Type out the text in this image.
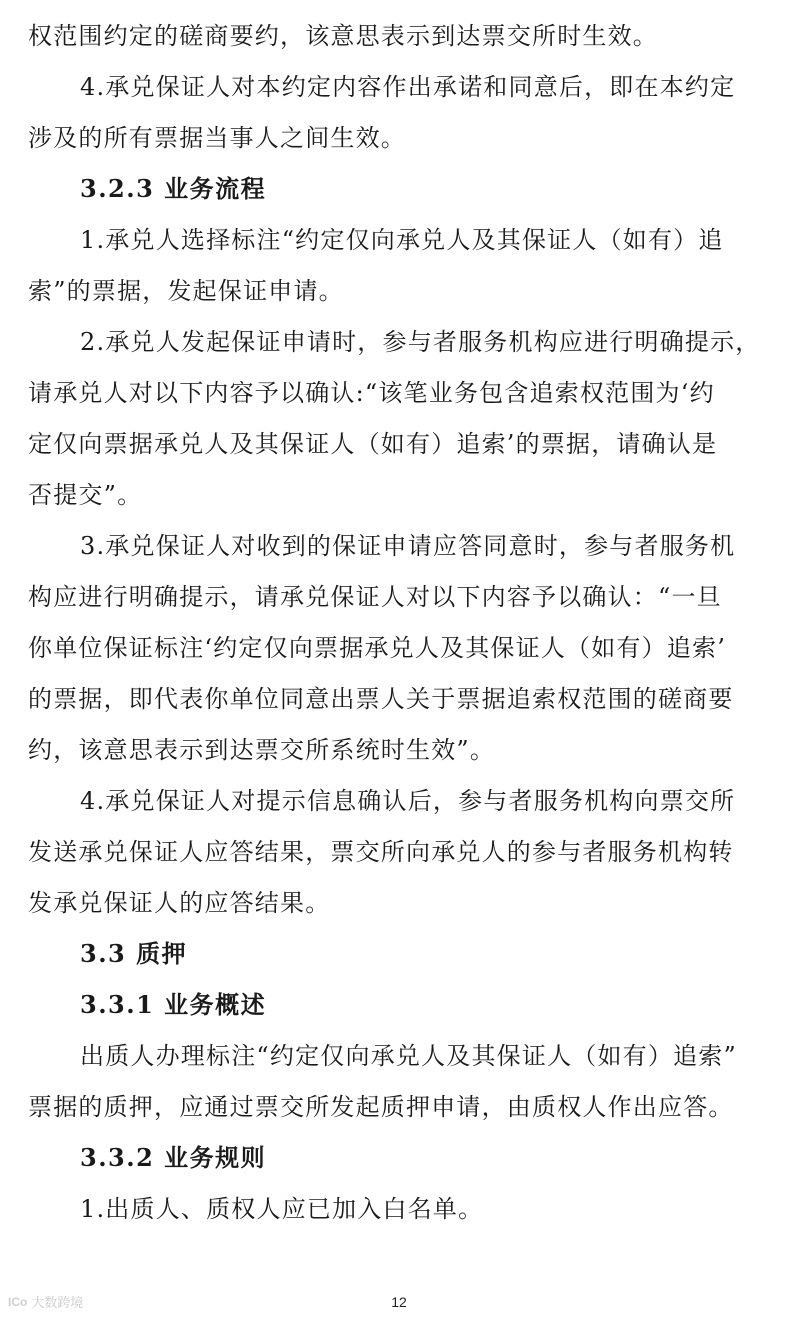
权范围约定的磋商要约，该意思表示到达票交所时生效。
4.承兑保证人对本约定内容作出承诺和同意后，即在本约定
涉及的所有票据当事人之间生效。
3.2.3 业务流程
1.承兑人选择标注“约定仅向承兑人及其保证人（如有）追
索”的票据，发起保证申请。
2.承兑人发起保证申请时，参与者服务机构应进行明确提示，
请承兑人对以下内容予以确认:“该笔业务包含追索权范围为‘约
定仅向票据承兑人及其保证人（如有）追索’的票据，请确认是
否提交”。
3.承兑保证人对收到的保证申请应答同意时，参与者服务机
构应进行明确提示，请承兑保证人对以下内容予以确认：“一旦
你单位保证标注‘约定仅向票据承兑人及其保证人（如有）追索’
的票据，即代表你单位同意出票人关于票据追索权范围的磋商要
约，该意思表示到达票交所系统时生效”。
4.承兑保证人对提示信息确认后，参与者服务机构向票交所
发送承兑保证人应答结果，票交所向承兑人的参与者服务机构转
发承兑保证人的应答结果。
3.3 质押
3.3.1 业务概述
出质人办理标注“约定仅向承兑人及其保证人（如有）追索”
票据的质押，应通过票交所发起质押申请，由质权人作出应答。
3.3.2 业务规则
1.出质人、质权人应已加入白名单。
ICo 大数跨境	12
